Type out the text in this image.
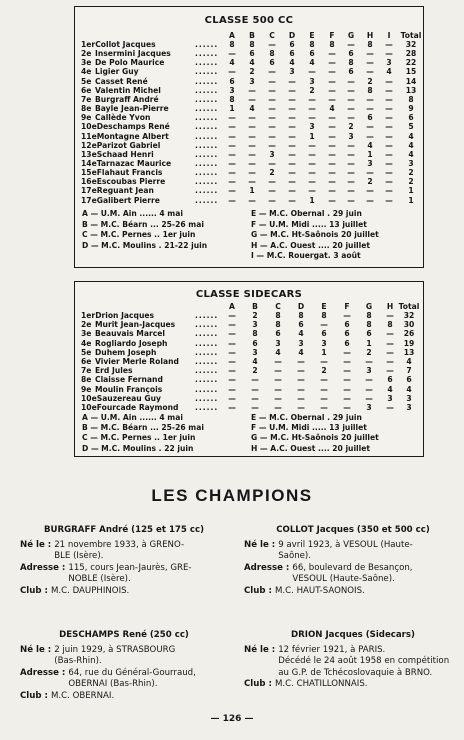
CLASSE 500 CC
A	B	C	D	E	F	G	H	I	Total
1erCollot Jacques	......	8	8	—	6	8	8	—	8	—	32
2e Insermini Jacques	......	—	6	8	6	6	—	6	—	—	28
3e De Polo Maurice	......	4	4	6	4	4	—	8	—	3	22
4e Ligier Guy	......	—	2	—	3	—	—	6	—	4	15
5e Casset René	......	6	3	—	—	3	—	—	2	—	14
6e Valentin Michel	......	3	—	—	—	2	—	—	8	—	13
7e Burgraff André	......	8	—	—	—	—	—	—	—	—	8
8e Bayle Jean-Pierre	......	1	4	—	—	—	4	—	—	—	9
9e Callède Yvon	......	—	—	—	—	—	—	—	6	—	6
10eDeschamps René	......	—	—	—	—	3	—	2	—	—	5
11eMontagne Albert	......	—	—	—	—	1	—	3	—	—	4
12eParizot Gabriel	......	—	—	—	—	—	—	—	4	—	4
13eSchaad Henri	......	—	—	3	—	—	—	—	1	—	4
14eTarnazac Maurice	......	—	—	—	—	—	—	—	3	—	3
15eFlahaut Francis	......	—	—	2	—	—	—	—	—	—	2
16eEscoubas Pierre	......	—	—	—	—	—	—	—	2	—	2
17eReguant Jean	......	—	1	—	—	—	—	—	—	—	1
17eGalibert Pierre	......	—	—	—	—	1	—	—	—	—	1
A — U.M. Ain ...... 4 mai	E — M.C. Obernal . 29 juin
B — M.C. Béarn ... 25-26 mai	F — U.M. Midi ..... 13 juillet
C — M.C. Pernes .. 1er juin	G — M.C. Ht-Saônois 20 juillet
D — M.C. Moulins . 21-22 juin	H — A.C. Ouest .... 20 juillet
I — M.C. Rouergat. 3 août
CLASSE SIDECARS
A	B	C	D	E	F	G	H Total
1erDrion Jacques	......	—	2	8	8	8	—	8	—	32
2e Murit Jean-Jacques	......	—	3	8	6	—	6	8	8	30
3e Beauvais Marcel	......	—	8	6	4	6	6	6	—	26
4e Rogliardo Joseph	......	—	6	3	3	3	6	1	—	19
5e Duhem Joseph	......	—	3	4	4	1	—	2	—	13
6e Vivier Merle Roland ......	—	4	—	—	—	—	—	—	4
7e Erd Jules	......	—	2	—	—	2	—	3	—	7
8e Claisse Fernand	......	—	—	—	—	—	—	—	6	6
9e Moulin François	......	—	—	—	—	—	—	—	4	4
10eSauzereau Guy	......	—	—	—	—	—	—	—	3	3
10eFourcade Raymond ......	—	—	—	—	—	—	3	—	3
A — U.M. Ain ...... 4 mai	E — M.C. Obernal . 29 juin
B — M.C. Béarn ... 25-26 mai	F — U.M. Midi ..... 13 juillet
C — M.C. Pernes .. 1er juin	G — M.C. Ht-Saônois 20 juillet
D — M.C. Moulins . 22 juin	H — A.C. Ouest .... 20 juillet
LES CHAMPIONS
BURGRAFF André (125 et 175 cc)
Né le : 21 novembre 1933, à GRENO-
BLE (Isère).
Adresse : 115, cours Jean-Jaurès, GRE-
NOBLE (Isère).
Club : M.C. DAUPHINOIS.
COLLOT Jacques (350 et 500 cc)
Né le : 9 avril 1923, à VESOUL (Haute-
Saône).
Adresse : 66, boulevard de Besançon,
VESOUL (Haute-Saône).
Club : M.C. HAUT-SAONOIS.
DESCHAMPS René (250 cc)
Né le : 2 juin 1929, à STRASBOURG
(Bas-Rhin).
Adresse : 64, rue du Général-Gourraud,
OBERNAI (Bas-Rhin).
Club : M.C. OBERNAI.
DRION Jacques (Sidecars)
Né le : 12 février 1921, à PARIS.
Décédé le 24 août 1958 en compétition
au G.P. de Tchécoslovaquie à BRNO.
Club : M.C. CHATILLONNAIS.
— 126 —
